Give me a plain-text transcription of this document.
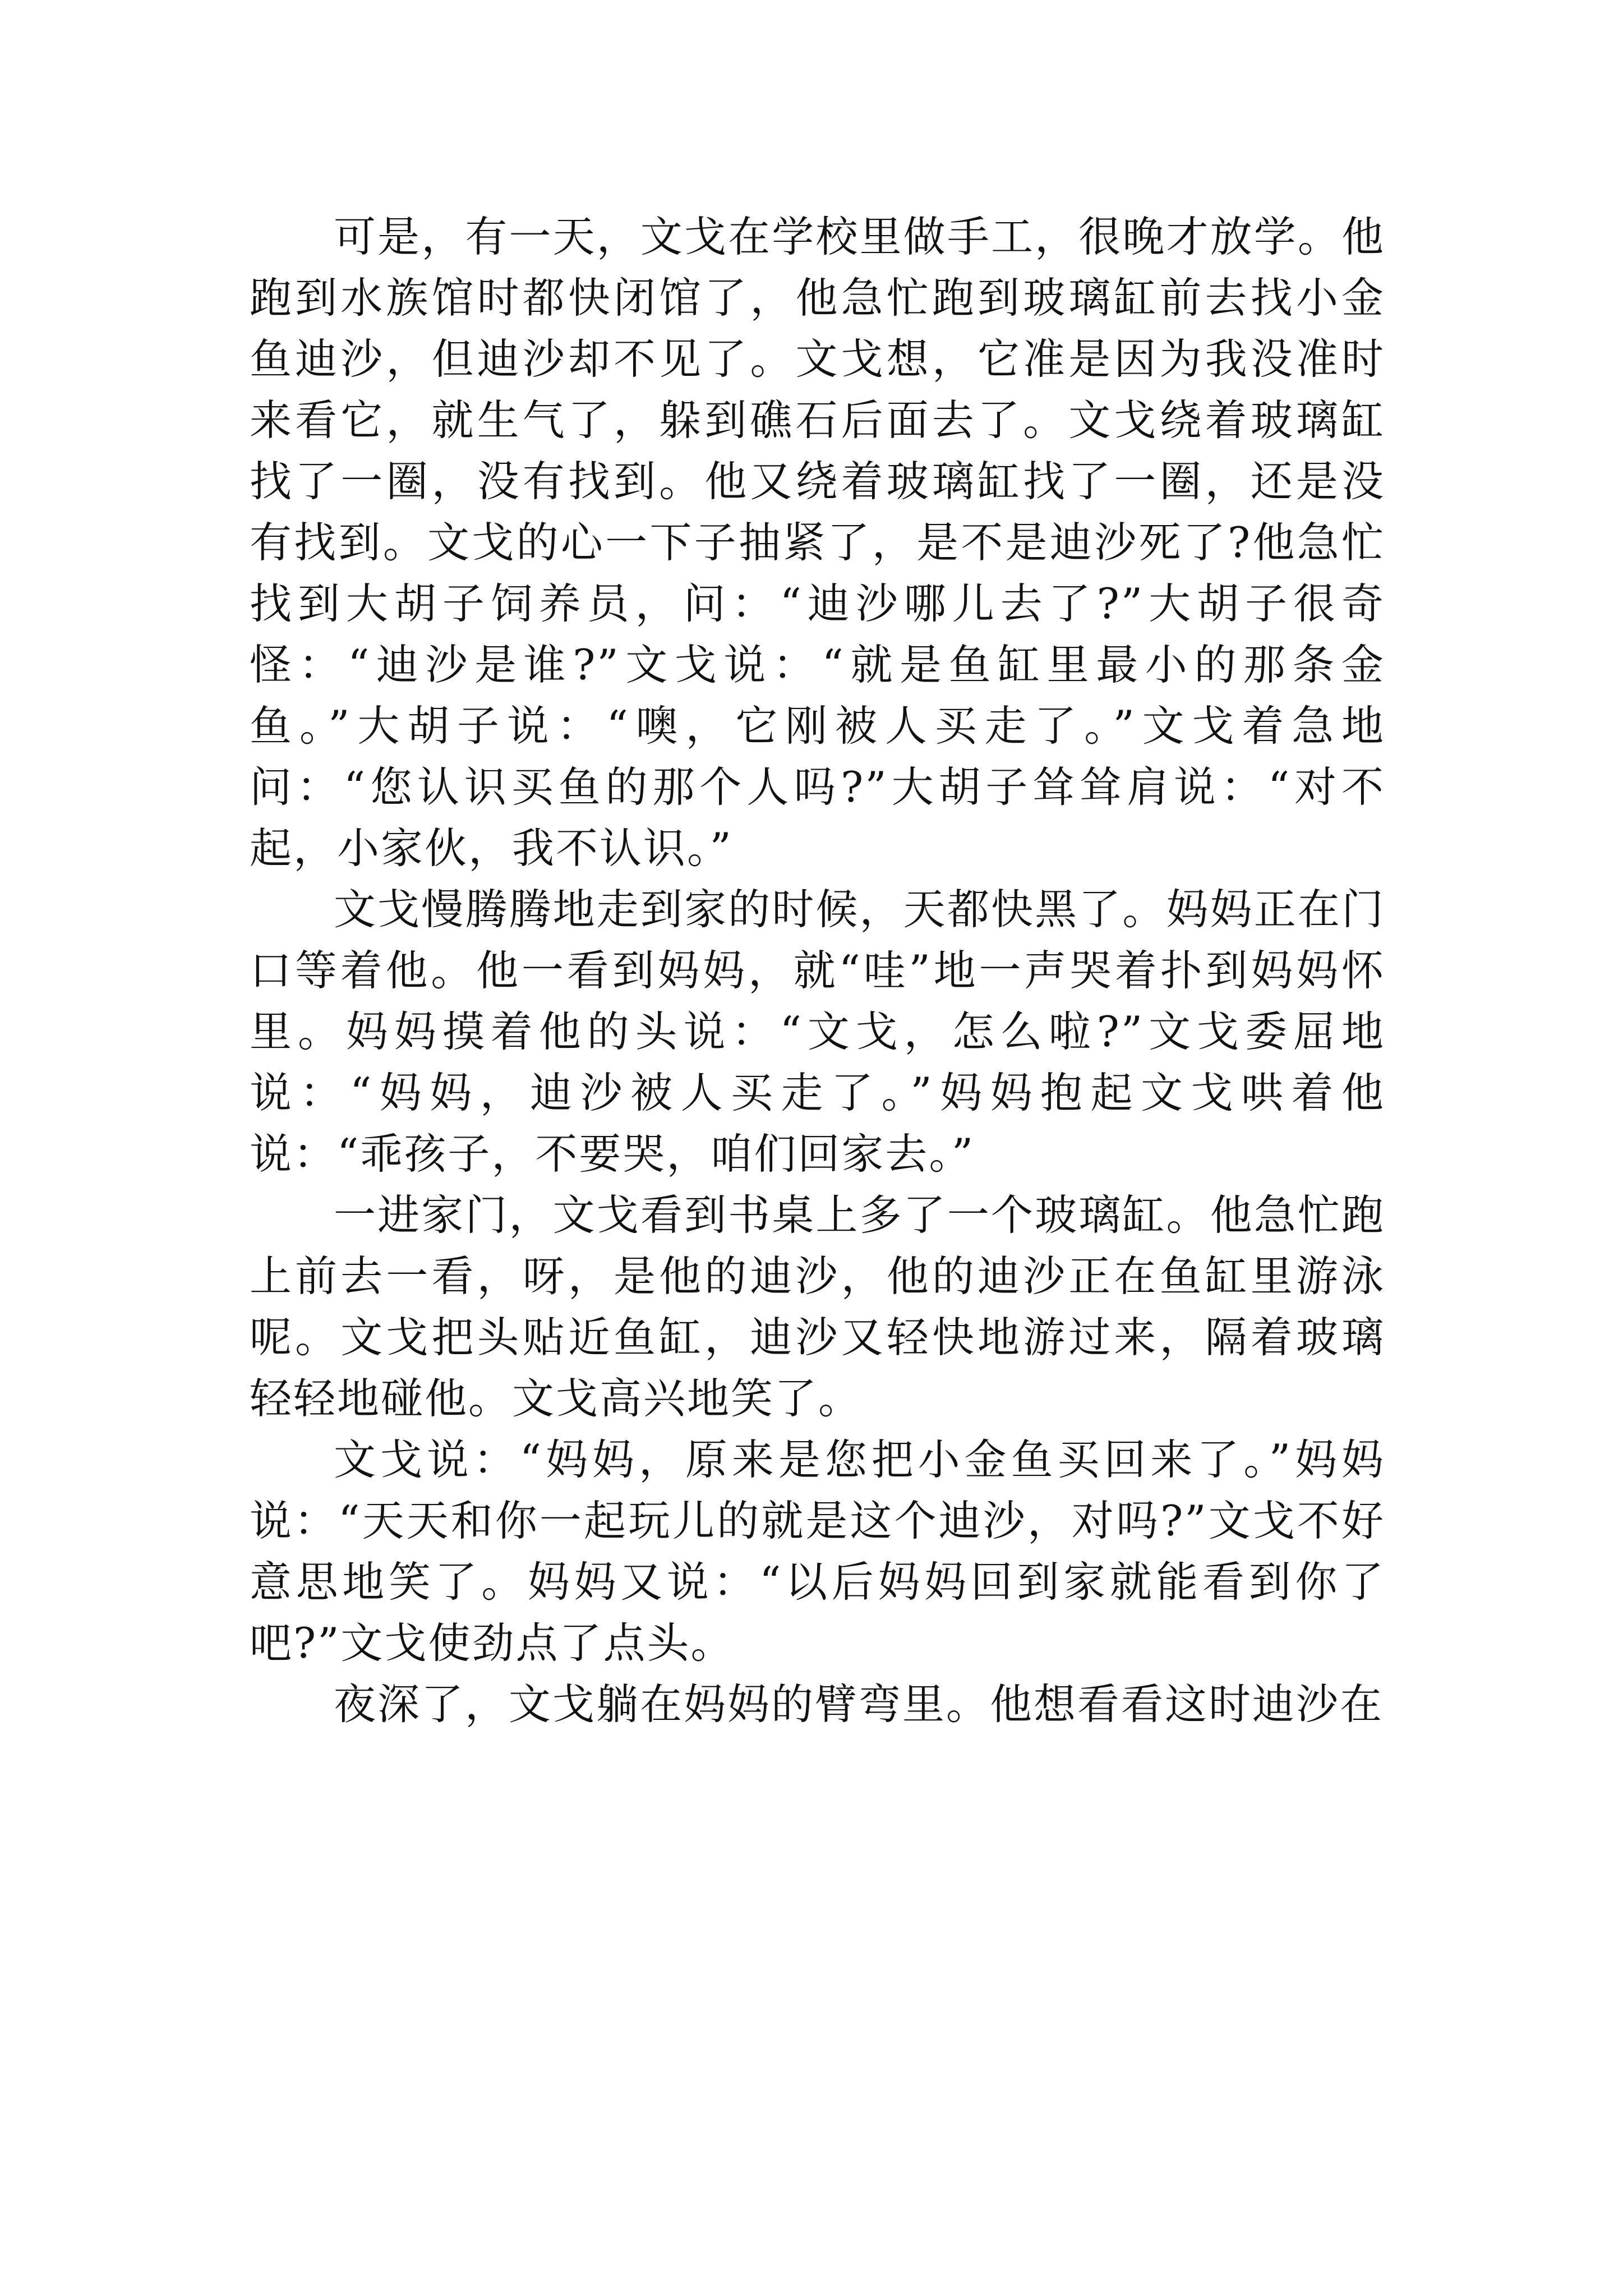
可是，有一天，文戈在学校里做手工，很晚才放学。他跑到水族馆时都快闭馆了，他急忙跑到玻璃缸前去找小金鱼迪沙，但迪沙却不见了。文戈想，它准是因为我没准时来看它，就生气了，躲到礁石后面去了。文戈绕着玻璃缸找了一圈，没有找到。他又绕着玻璃缸找了一圈，还是没有找到。文戈的心一下子抽紧了，是不是迪沙死了?他急忙找到大胡子饲养员，问：“迪沙哪儿去了?”大胡子很奇怪：“迪沙是谁?”文戈说：“就是鱼缸里最小的那条金鱼。”大胡子说：“噢，它刚被人买走了。”文戈着急地问：“您认识买鱼的那个人吗?”大胡子耸耸肩说：“对不起，小家伙，我不认识。”

文戈慢腾腾地走到家的时候，天都快黑了。妈妈正在门口等着他。他一看到妈妈，就“哇”地一声哭着扑到妈妈怀里。妈妈摸着他的头说：“文戈，怎么啦?”文戈委屈地说：“妈妈，迪沙被人买走了。”妈妈抱起文戈哄着他说：“乖孩子，不要哭，咱们回家去。”

一进家门，文戈看到书桌上多了一个玻璃缸。他急忙跑上前去一看，呀，是他的迪沙，他的迪沙正在鱼缸里游泳呢。文戈把头贴近鱼缸，迪沙又轻快地游过来，隔着玻璃轻轻地碰他。文戈高兴地笑了。

文戈说：“妈妈，原来是您把小金鱼买回来了。”妈妈说：“天天和你一起玩儿的就是这个迪沙，对吗?”文戈不好意思地笑了。妈妈又说：“以后妈妈回到家就能看到你了吧?”文戈使劲点了点头。

夜深了，文戈躺在妈妈的臂弯里。他想看看这时迪沙在
